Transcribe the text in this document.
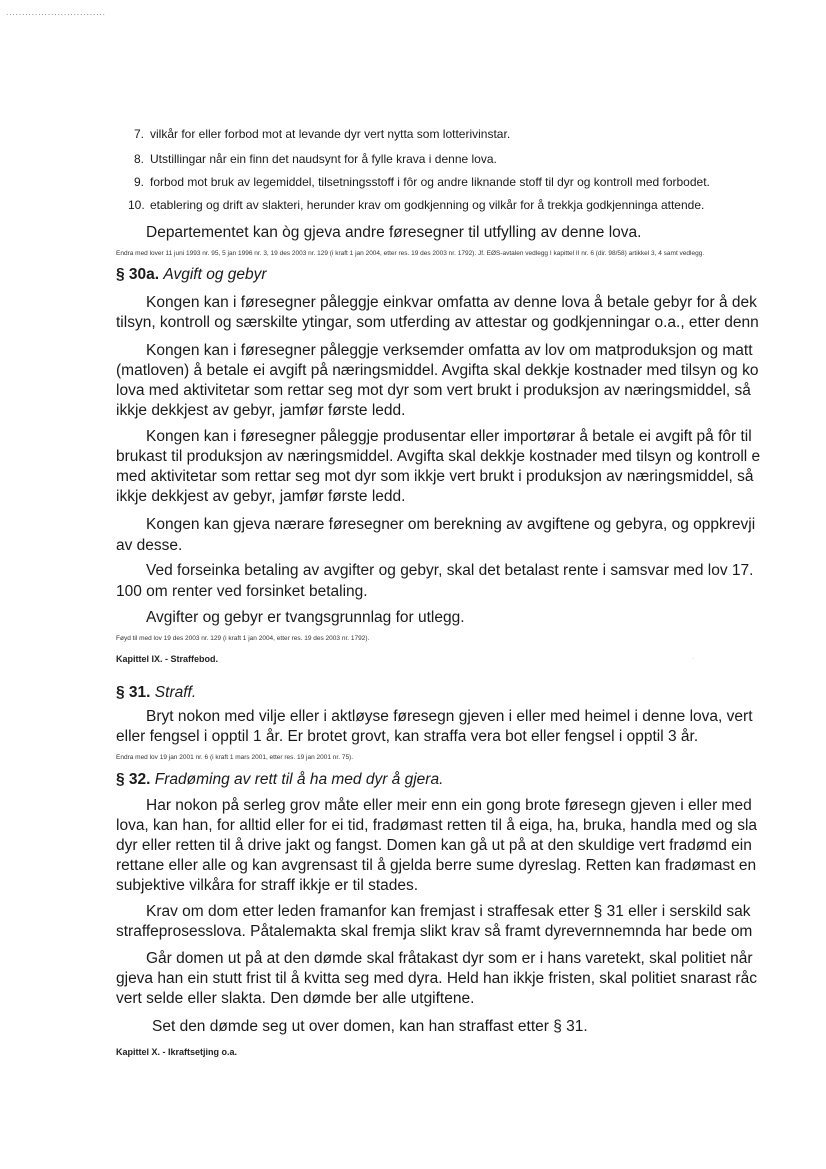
...............................
7. vilkår for eller forbod mot at levande dyr vert nytta som lotterivinstar.
8. Utstillingar når ein finn det naudsynt for å fylle krava i denne lova.
9. forbod mot bruk av legemiddel, tilsetningsstoff i fôr og andre liknande stoff til dyr og kontroll med forbodet.
10. etablering og drift av slakteri, herunder krav om godkjenning og vilkår for å trekkja godkjenninga attende.
Departementet kan òg gjeva andre føresegner til utfylling av denne lova.
Endra med lover 11 juni 1993 nr. 95, 5 jan 1996 nr. 3, 19 des 2003 nr. 129 (i kraft 1 jan 2004, etter res. 19 des 2003 nr. 1792). Jf. EØS-avtalen vedlegg I kapittel II nr. 6 (dir. 98/58) artikkel 3, 4 samt vedlegg.
§ 30a. Avgift og gebyr
Kongen kan i føresegner påleggje einkvar omfatta av denne lova å betale gebyr for å dek
tilsyn, kontroll og særskilte ytingar, som utferding av attestar og godkjenningar o.a., etter denn
Kongen kan i føresegner påleggje verksemder omfatta av lov om matproduksjon og matt
(matloven) å betale ei avgift på næringsmiddel. Avgifta skal dekkje kostnader med tilsyn og ko
lova med aktivitetar som rettar seg mot dyr som vert brukt i produksjon av næringsmiddel, så
ikkje dekkjest av gebyr, jamfør første ledd.
Kongen kan i føresegner påleggje produsentar eller importørar å betale ei avgift på fôr til
brukast til produksjon av næringsmiddel. Avgifta skal dekkje kostnader med tilsyn og kontroll e
med aktivitetar som rettar seg mot dyr som ikkje vert brukt i produksjon av næringsmiddel, så
ikkje dekkjest av gebyr, jamfør første ledd.
Kongen kan gjeva nærare føresegner om berekning av avgiftene og gebyra, og oppkrevji
av desse.
Ved forseinka betaling av avgifter og gebyr, skal det betalast rente i samsvar med lov 17.
100 om renter ved forsinket betaling.
Avgifter og gebyr er tvangsgrunnlag for utlegg.
Føyd til med lov 19 des 2003 nr. 129 (i kraft 1 jan 2004, etter res. 19 des 2003 nr. 1792).
Kapittel IX. - Straffebod.
§ 31. Straff.
Bryt nokon med vilje eller i aktløyse føresegn gjeven i eller med heimel i denne lova, vert
eller fengsel i opptil 1 år. Er brotet grovt, kan straffa vera bot eller fengsel i opptil 3 år.
Endra med lov 19 jan 2001 nr. 6 (i kraft 1 mars 2001, etter res. 19 jan 2001 nr. 75).
§ 32. Fradøming av rett til å ha med dyr å gjera.
Har nokon på serleg grov måte eller meir enn ein gong brote føresegn gjeven i eller med
lova, kan han, for alltid eller for ei tid, fradømast retten til å eiga, ha, bruka, handla med og sla
dyr eller retten til å drive jakt og fangst. Domen kan gå ut på at den skuldige vert fradømd ein
rettane eller alle og kan avgrensast til å gjelda berre sume dyreslag. Retten kan fradømast en
subjektive vilkåra for straff ikkje er til stades.
Krav om dom etter leden framanfor kan fremjast i straffesak etter § 31 eller i serskild sak
straffeprosesslova. Påtalemakta skal fremja slikt krav så framt dyrevernnemnda har bede om
Går domen ut på at den dømde skal fråtakast dyr som er i hans varetekt, skal politiet når
gjeva han ein stutt frist til å kvitta seg med dyra. Held han ikkje fristen, skal politiet snarast råc
vert selde eller slakta. Den dømde ber alle utgiftene.
Set den dømde seg ut over domen, kan han straffast etter § 31.
Kapittel X. - Ikraftsetjing o.a.
·
